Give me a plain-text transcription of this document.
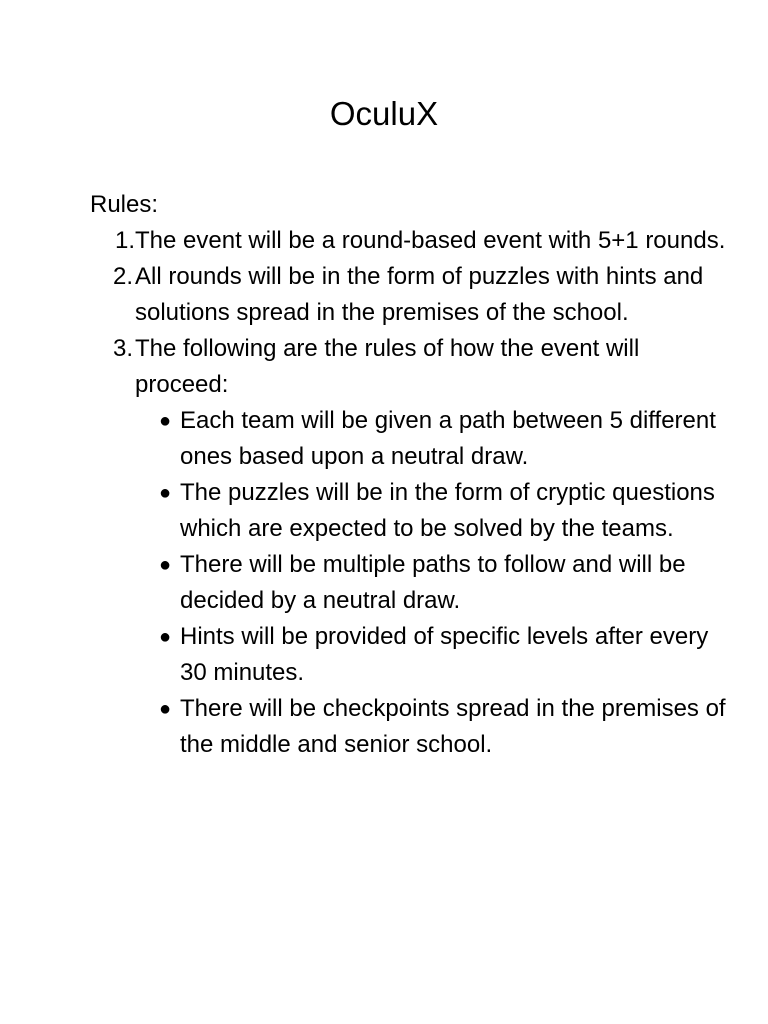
OculuX

Rules:

1. The event will be a round-based event with 5+1 rounds.
2. All rounds will be in the form of puzzles with hints and solutions spread in the premises of the school.
3. The following are the rules of how the event will proceed:
● Each team will be given a path between 5 different ones based upon a neutral draw.
● The puzzles will be in the form of cryptic questions which are expected to be solved by the teams.
● There will be multiple paths to follow and will be decided by a neutral draw.
● Hints will be provided of specific levels after every 30 minutes.
● There will be checkpoints spread in the premises of the middle and senior school.
